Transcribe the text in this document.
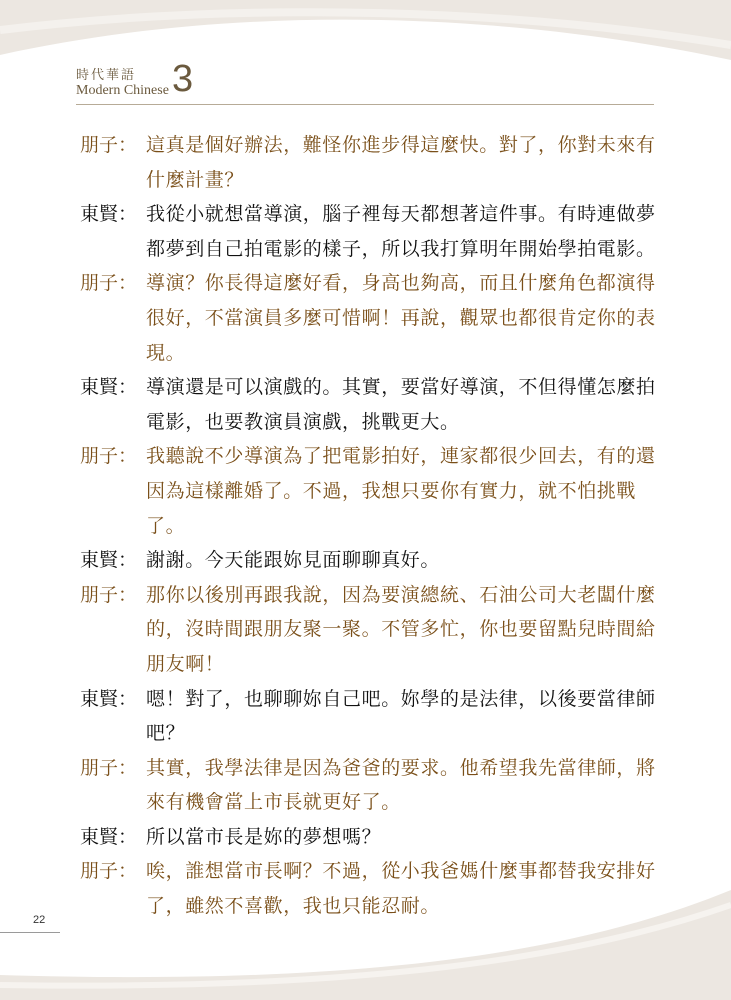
時代華語
Modern Chinese 3
朋子： 這真是個好辦法，難怪你進步得這麼快。對了，你對未來有什麼計畫？
東賢： 我從小就想當導演，腦子裡每天都想著這件事。有時連做夢都夢到自己拍電影的樣子，所以我打算明年開始學拍電影。
朋子： 導演？你長得這麼好看，身高也夠高，而且什麼角色都演得很好，不當演員多麼可惜啊！再說，觀眾也都很肯定你的表現。
東賢： 導演還是可以演戲的。其實，要當好導演，不但得懂怎麼拍電影，也要教演員演戲，挑戰更大。
朋子： 我聽說不少導演為了把電影拍好，連家都很少回去，有的還因為這樣離婚了。不過，我想只要你有實力，就不怕挑戰了。
東賢： 謝謝。今天能跟妳見面聊聊真好。
朋子： 那你以後別再跟我說，因為要演總統、石油公司大老闆什麼的，沒時間跟朋友聚一聚。不管多忙，你也要留點兒時間給朋友啊！
東賢： 嗯！對了，也聊聊妳自己吧。妳學的是法律，以後要當律師吧？
朋子： 其實，我學法律是因為爸爸的要求。他希望我先當律師，將來有機會當上市長就更好了。
東賢： 所以當市長是妳的夢想嗎？
朋子： 唉，誰想當市長啊？不過，從小我爸媽什麼事都替我安排好了，雖然不喜歡，我也只能忍耐。
22
